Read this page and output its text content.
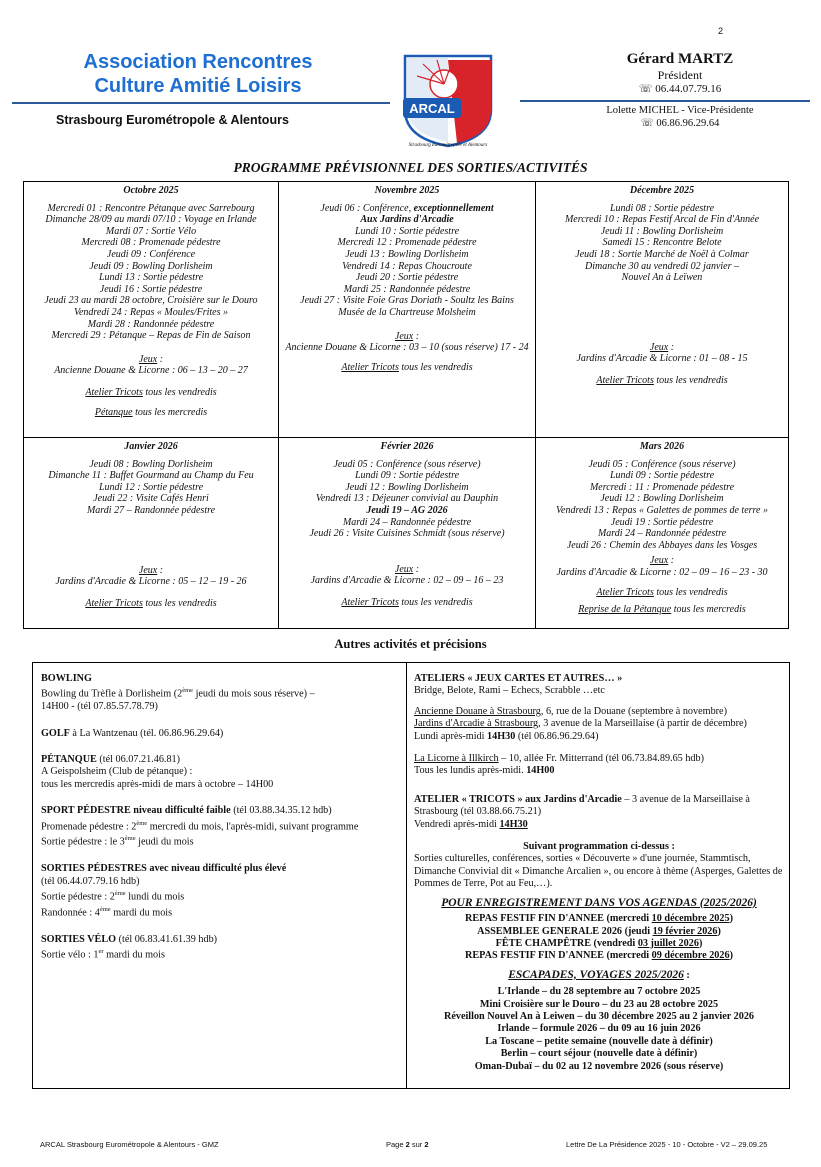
2
Association Rencontres
Culture Amitié Loisirs
Strasbourg Eurométropole & Alentours
ARCAL
Strasbourg Eurométropole et Alentours
Gérard MARTZ
Président
☏ 06.44.07.79.16
Lolette MICHEL - Vice-Présidente
☏ 06.86.96.29.64
PROGRAMME PRÉVISIONNEL DES SORTIES/ACTIVITÉS
Octobre 2025
Mercredi 01 : Rencontre Pétanque avec Sarrebourg
Dimanche 28/09 au mardi 07/10 : Voyage en Irlande
Mardi 07 : Sortie Vélo
Mercredi 08 : Promenade pédestre
Jeudi 09 : Conférence
Jeudi 09 : Bowling Dorlisheim
Lundi 13 : Sortie pédestre
Jeudi 16 : Sortie pédestre
Jeudi 23 au mardi 28 octobre, Croisière sur le Douro
Vendredi 24 : Repas « Moules/Frites »
Mardi 28 : Randonnée pédestre
Mercredi 29 : Pétanque – Repas de Fin de Saison
Jeux :
Ancienne Douane & Licorne : 06 – 13 – 20 – 27
Atelier Tricots tous les vendredis
Pétanque tous les mercredis
Novembre 2025
Jeudi 06 : Conférence, exceptionnellement
Aux Jardins d'Arcadie
Lundi 10 : Sortie pédestre
Mercredi 12 : Promenade pédestre
Jeudi 13 : Bowling Dorlisheim
Vendredi 14 : Repas Choucroute
Jeudi 20 : Sortie pédestre
Mardi 25 : Randonnée pédestre
Jeudi 27 : Visite Foie Gras Doriath - Soultz les Bains
Musée de la Chartreuse Molsheim
Jeux :
Ancienne Douane & Licorne : 03 – 10 (sous réserve) 17 - 24
Atelier Tricots tous les vendredis
Décembre 2025
Lundi 08 : Sortie pédestre
Mercredi 10 : Repas Festif Arcal de Fin d'Année
Jeudi 11 : Bowling Dorlisheim
Samedi 15 : Rencontre Belote
Jeudi 18 : Sortie Marché de Noël à Colmar
Dimanche 30 au vendredi 02 janvier –
Nouvel An à Leïwen
Jeux :
Jardins d'Arcadie & Licorne : 01 – 08 - 15
Atelier Tricots tous les vendredis
Janvier 2026
Jeudi 08 : Bowling Dorlisheim
Dimanche 11 : Buffet Gourmand au Champ du Feu
Lundi 12 : Sortie pédestre
Jeudi 22 : Visite Cafés Henri
Mardi 27 – Randonnée pédestre
Jeux :
Jardins d'Arcadie & Licorne : 05 – 12 – 19 - 26
Atelier Tricots tous les vendredis
Février 2026
Jeudi 05 : Conférence (sous réserve)
Lundi 09 : Sortie pédestre
Jeudi 12 : Bowling Dorlisheim
Vendredi 13 : Déjeuner convivial au Dauphin
Jeudi 19 – AG 2026
Mardi 24 – Randonnée pédestre
Jeudi 26 : Visite Cuisines Schmidt (sous réserve)
Jeux :
Jardins d'Arcadie & Licorne : 02 – 09 – 16 – 23
Atelier Tricots tous les vendredis
Mars 2026
Jeudi 05 : Conférence (sous réserve)
Lundi 09 : Sortie pédestre
Mercredi : 11 : Promenade pédestre
Jeudi 12 : Bowling Dorlisheim
Vendredi 13 : Repas « Galettes de pommes de terre »
Jeudi 19 : Sortie pédestre
Mardi 24 – Randonnée pédestre
Jeudi 26 : Chemin des Abbayes dans les Vosges
Jeux :
Jardins d'Arcadie & Licorne : 02 – 09 – 16 – 23 - 30
Atelier Tricots tous les vendredis
Reprise de la Pétanque tous les mercredis
Autres activités et précisions

BOWLING

Bowling du Trèfle à Dorlisheim (2ème jeudi du mois sous réserve) –

14H00 - (tél 07.85.57.78.79)

GOLF à La Wantzenau (tél. 06.86.96.29.64)

PÉTANQUE (tél 06.07.21.46.81)

A Geispolsheim (Club de pétanque) :

tous les mercredis après-midi de mars à octobre – 14H00

SPORT PÉDESTRE niveau difficulté faible (tél 03.88.34.35.12 hdb)

Promenade pédestre : 2ème mercredi du mois, l'après-midi, suivant programme

Sortie pédestre : le 3ème jeudi du mois

SORTIES PÉDESTRES avec niveau difficulté plus élevé

(tél 06.44.07.79.16 hdb)

Sortie pédestre : 2ème lundi du mois

Randonnée : 4ème mardi du mois

SORTIES VÉLO (tél 06.83.41.61.39 hdb)

Sortie vélo : 1er mardi du mois

ATELIERS « JEUX CARTES ET AUTRES… »

Bridge, Belote, Rami – Echecs, Scrabble …etc

Ancienne Douane à Strasbourg, 6, rue de la Douane (septembre à novembre)

Jardins d'Arcadie à Strasbourg, 3 avenue de la Marseillaise (à partir de décembre)

Lundi après-midi 14H30 (tél 06.86.96.29.64)

La Licorne à Illkirch – 10, allée Fr. Mitterrand (tél 06.73.84.89.65 hdb)

Tous les lundis après-midi. 14H00

ATELIER « TRICOTS » aux Jardins d'Arcadie – 3 avenue de la Marseillaise à

Strasbourg (tél 03.88.66.75.21)

Vendredi après-midi 14H30

Suivant programmation ci-dessus :

Sorties culturelles, conférences, sorties « Découverte » d'une journée, Stammtisch, Dimanche Convivial dit « Dimanche Arcalien », ou encore à thème (Asperges, Galettes de Pommes de Terre, Pot au Feu,…).

POUR ENREGISTREMENT DANS VOS AGENDAS (2025/2026)

REPAS FESTIF FIN D'ANNEE (mercredi 10 décembre 2025)

ASSEMBLEE GENERALE 2026 (jeudi 19 février 2026)

FÊTE CHAMPÊTRE (vendredi 03 juillet 2026)

REPAS FESTIF FIN D'ANNEE (mercredi 09 décembre 2026)

ESCAPADES, VOYAGES 2025/2026 :

L'Irlande – du 28 septembre au 7 octobre 2025

Mini Croisière sur le Douro – du 23 au 28 octobre 2025

Réveillon Nouvel An à Leiwen – du 30 décembre 2025 au 2 janvier 2026

Irlande – formule 2026 – du 09 au 16 juin 2026

La Toscane – petite semaine (nouvelle date à définir)

Berlin – court séjour (nouvelle date à définir)

Oman-Dubaï – du 02 au 12 novembre 2026 (sous réserve)

ARCAL Strasbourg Eurométropole & Alentours - GMZ	Page 2 sur 2	Lettre De La Présidence 2025 - 10 - Octobre - V2 – 29.09.25
